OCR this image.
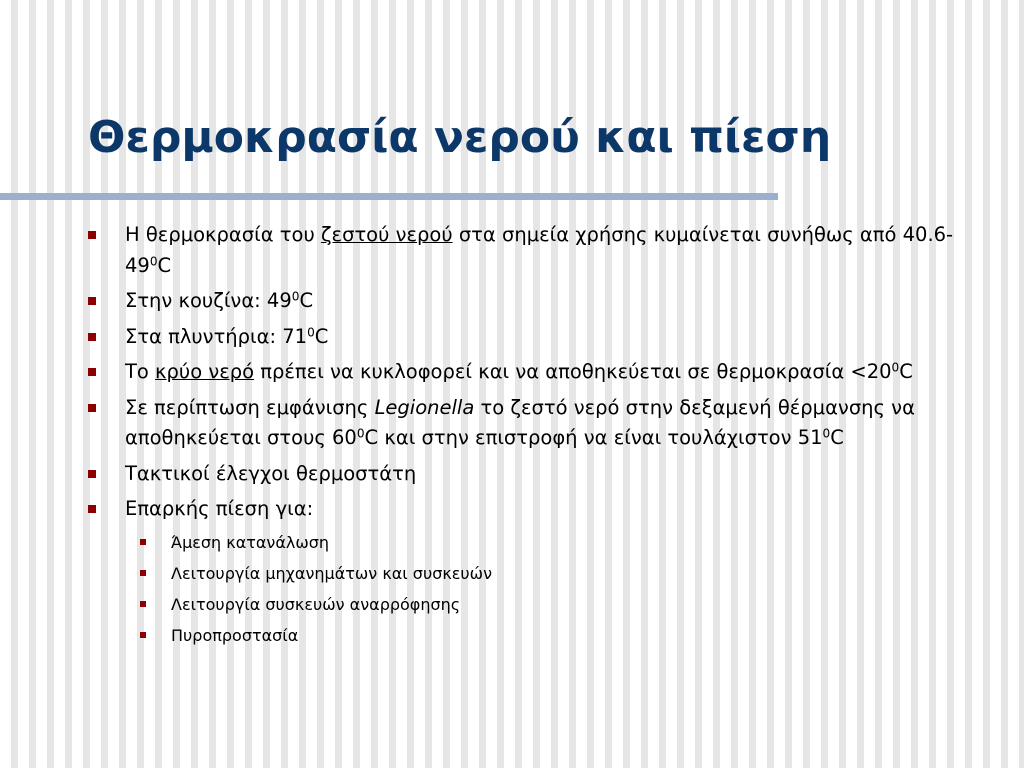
Θερμοκρασία νερού και πίεση
Η θερμοκρασία του ζεστού νερού στα σημεία χρήσης κυμαίνεται συνήθως από $40.6-49^0C$
Στην κουζίνα: $49^0C$
Στα πλυντήρια: $71^0C$
Το κρύο νερό πρέπει να κυκλοφορεί και να αποθηκεύεται σε $\theta\varepsilon\rho\mu o\kappa\rho\alpha\sigma ί\alpha <20^0C$
Σε περίπτωση εμφάνισης Legionella το ζεστό νερό στην δεξαμενή θέρμανσης να αποθηκεύεται στους $60^0C$ και στην επιστροφή να είναι τουλάχιστον $51^0C$
Τακτικοί έλεγχοι θερμοστάτη
Επαρκής πίεση για:
Άμεση κατανάλωση
Λειτουργία μηχανημάτων και συσκευών
Λειτουργία συσκευών αναρρόφησης
Πυροπροστασία
